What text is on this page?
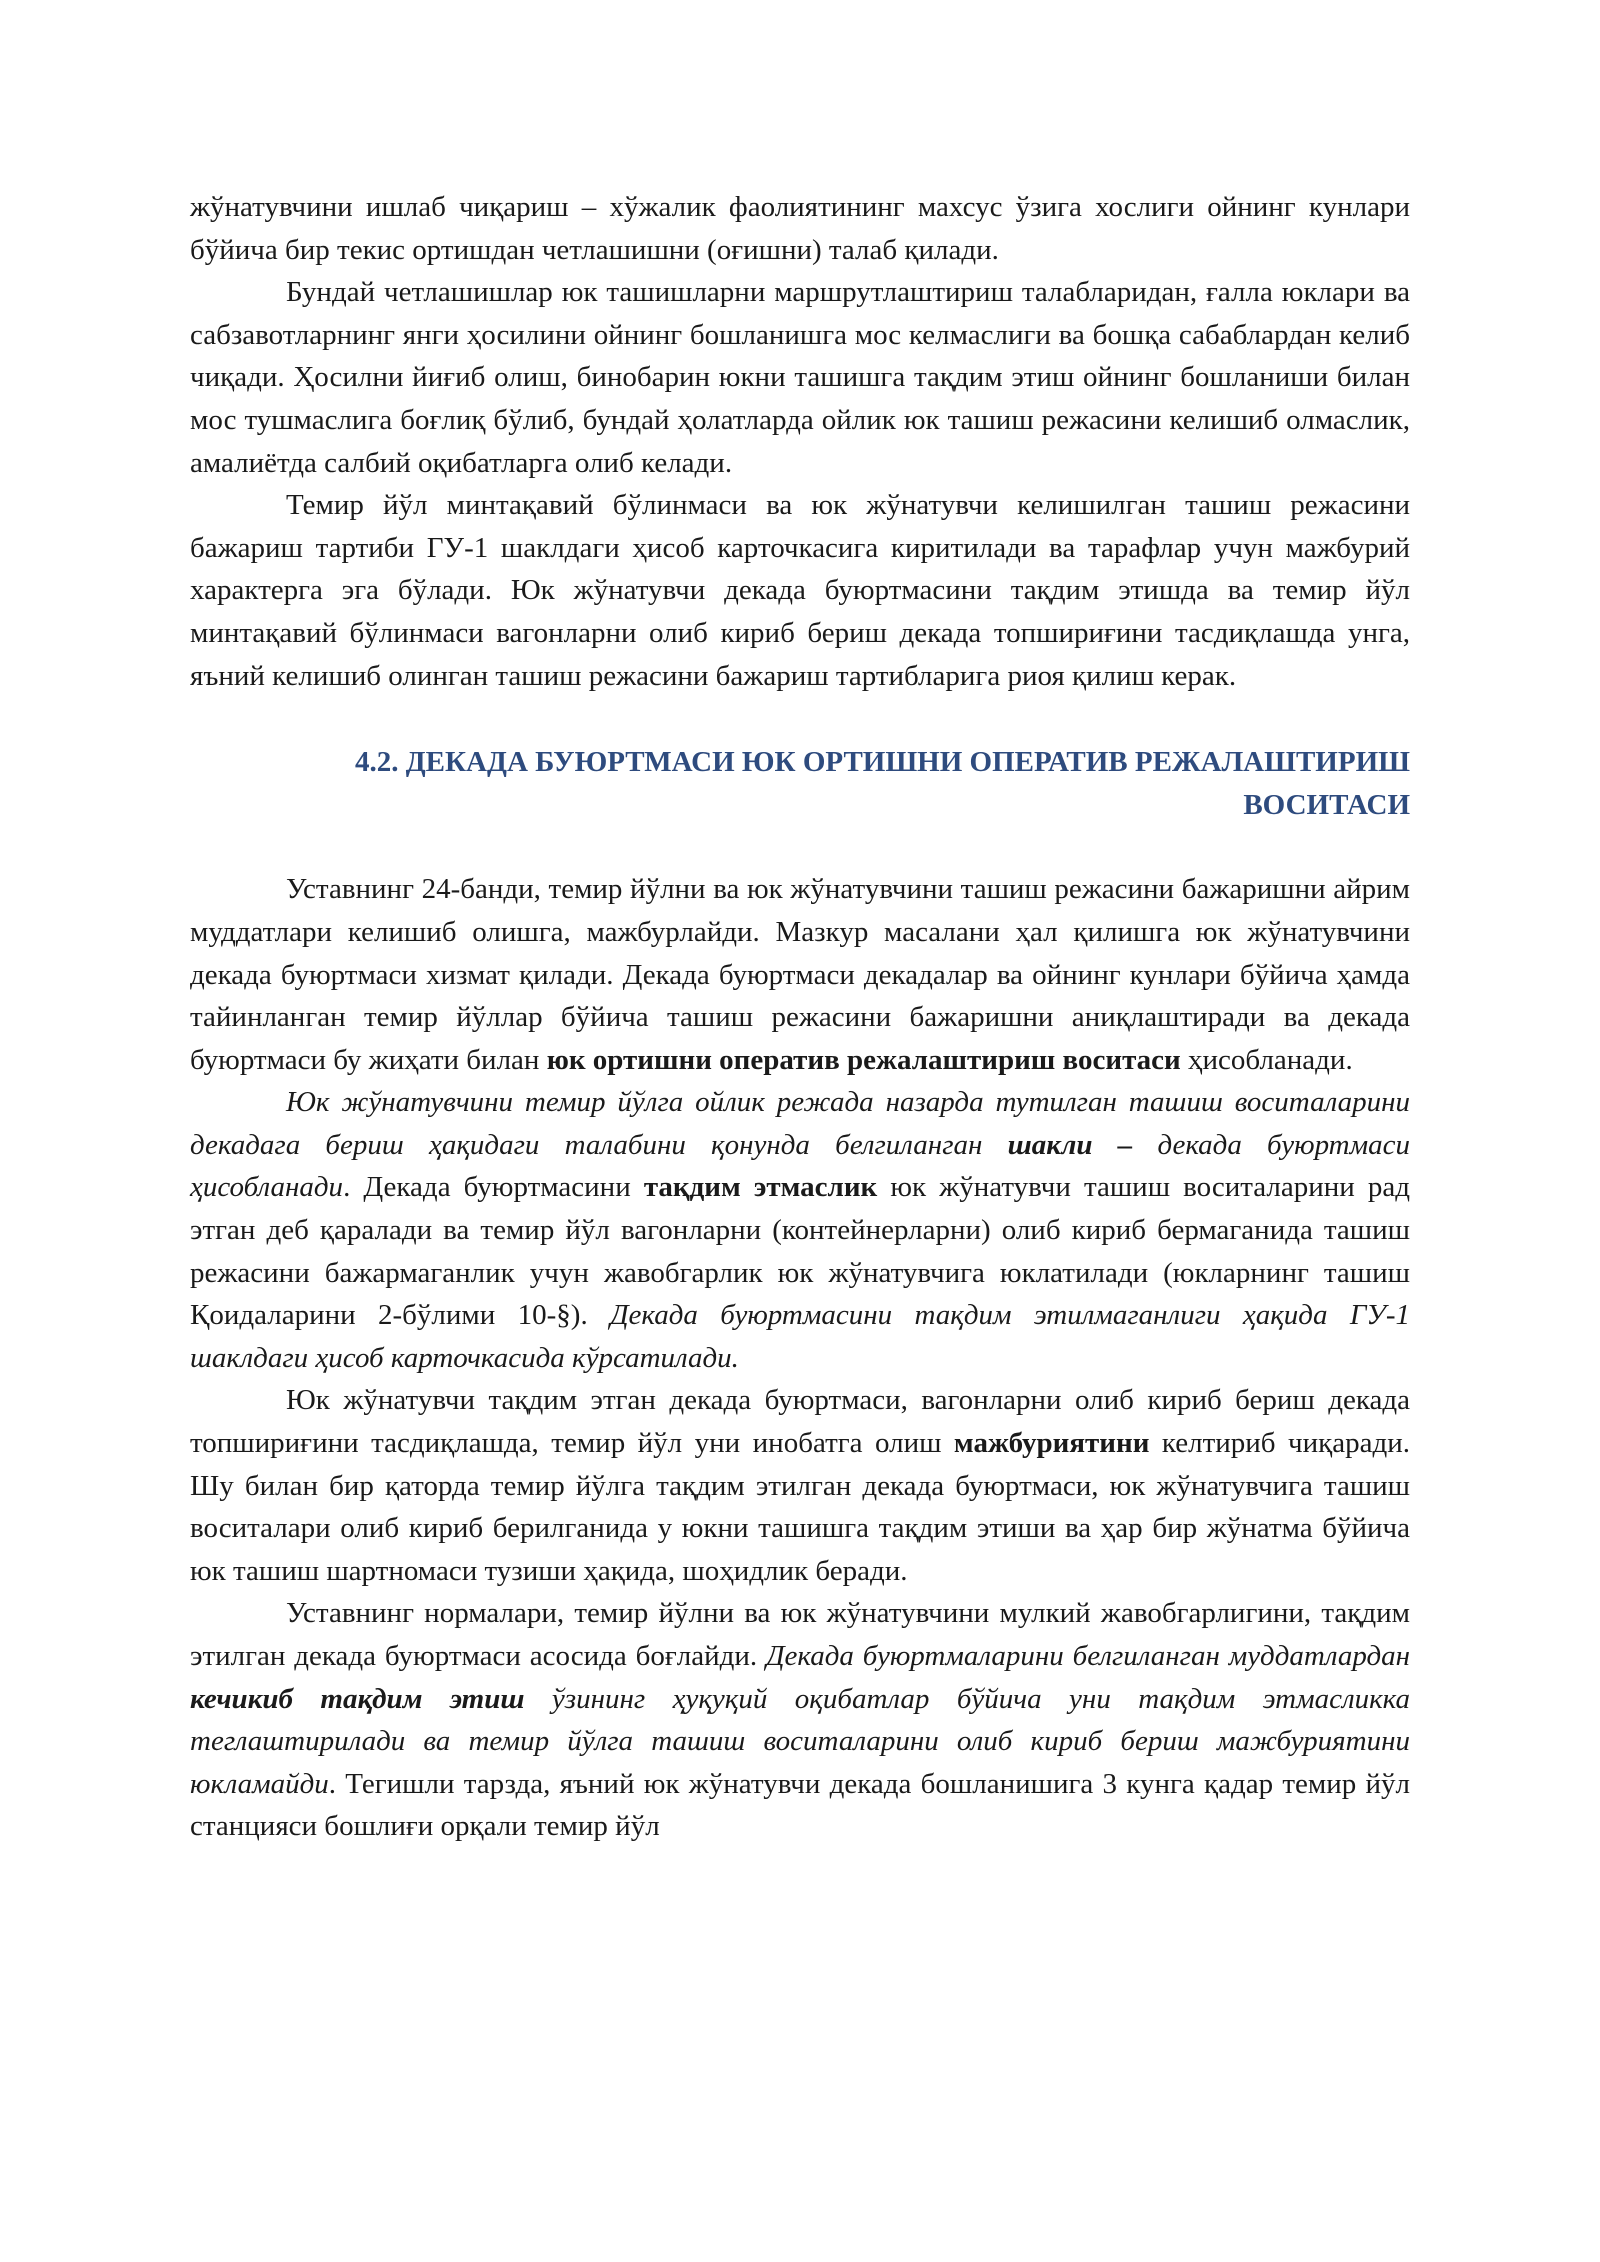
жўнатувчини ишлаб чиқариш – хўжалик фаолиятининг махсус ўзига хослиги ойнинг кунлари бўйича бир текис ортишдан четлашишни (оғишни) талаб қилади.

Бундай четлашишлар юк ташишларни маршрутлаштириш талабларидан, ғалла юклари ва сабзавотларнинг янги ҳосилини ойнинг бошланишга мос келмаслиги ва бошқа сабаблардан келиб чиқади. Ҳосилни йиғиб олиш, бинобарин юкни ташишга тақдим этиш ойнинг бошланиши билан мос тушмаслига боғлиқ бўлиб, бундай ҳолатларда ойлик юк ташиш режасини келишиб олмаслик, амалиётда салбий оқибатларга олиб келади.

Темир йўл минтақавий бўлинмаси ва юк жўнатувчи келишилган ташиш режасини бажариш тартиби ГУ-1 шаклдаги ҳисоб карточкасига киритилади ва тарафлар учун мажбурий характерга эга бўлади. Юк жўнатувчи декада буюртмасини тақдим этишда ва темир йўл минтақавий бўлинмаси вагонларни олиб кириб бериш декада топшириғини тасдиқлашда унга, яъний келишиб олинган ташиш режасини бажариш тартибларига риоя қилиш керак.

4.2. ДЕКАДА БУЮРТМАСИ ЮК ОРТИШНИ ОПЕРАТИВ РЕЖАЛАШТИРИШ
ВОСИТАСИ

Уставнинг 24-банди, темир йўлни ва юк жўнатувчини ташиш режасини бажаришни айрим муддатлари келишиб олишга, мажбурлайди. Мазкур масалани ҳал қилишга юк жўнатувчини декада буюртмаси хизмат қилади. Декада буюртмаси декадалар ва ойнинг кунлари бўйича ҳамда тайинланган темир йўллар бўйича ташиш режасини бажаришни аниқлаштиради ва декада буюртмаси бу жиҳати билан юк ортишни оператив режалаштириш воситаси ҳисобланади.

Юк жўнатувчини темир йўлга ойлик режада назарда тутилган ташиш воситаларини декадага бериш ҳақидаги талабини қонунда белгиланган шакли – декада буюртмаси ҳисобланади. Декада буюртмасини тақдим этмаслик юк жўнатувчи ташиш воситаларини рад этган деб қаралади ва темир йўл вагонларни (контейнерларни) олиб кириб бермаганида ташиш режасини бажармаганлик учун жавобгарлик юк жўнатувчига юклатилади (юкларнинг ташиш Қоидаларини 2-бўлими 10-§). Декада буюртмасини тақдим этилмаганлиги ҳақида ГУ-1 шаклдаги ҳисоб карточкасида кўрсатилади.

Юк жўнатувчи тақдим этган декада буюртмаси, вагонларни олиб кириб бериш декада топшириғини тасдиқлашда, темир йўл уни инобатга олиш мажбуриятини келтириб чиқаради. Шу билан бир қаторда темир йўлга тақдим этилган декада буюртмаси, юк жўнатувчига ташиш воситалари олиб кириб берилганида у юкни ташишга тақдим этиши ва ҳар бир жўнатма бўйича юк ташиш шартномаси тузиши ҳақида, шоҳидлик беради.

Уставнинг нормалари, темир йўлни ва юк жўнатувчини мулкий жавобгарлигини, тақдим этилган декада буюртмаси асосида боғлайди. Декада буюртмаларини белгиланган муддатлардан кечикиб тақдим этиш ўзининг ҳуқуқий оқибатлар бўйича уни тақдим этмасликка теглаштирилади ва темир йўлга ташиш воситаларини олиб кириб бериш мажбуриятини юкламайди. Тегишли тарзда, яъний юк жўнатувчи декада бошланишига 3 кунга қадар темир йўл станцияси бошлиғи орқали темир йўл
